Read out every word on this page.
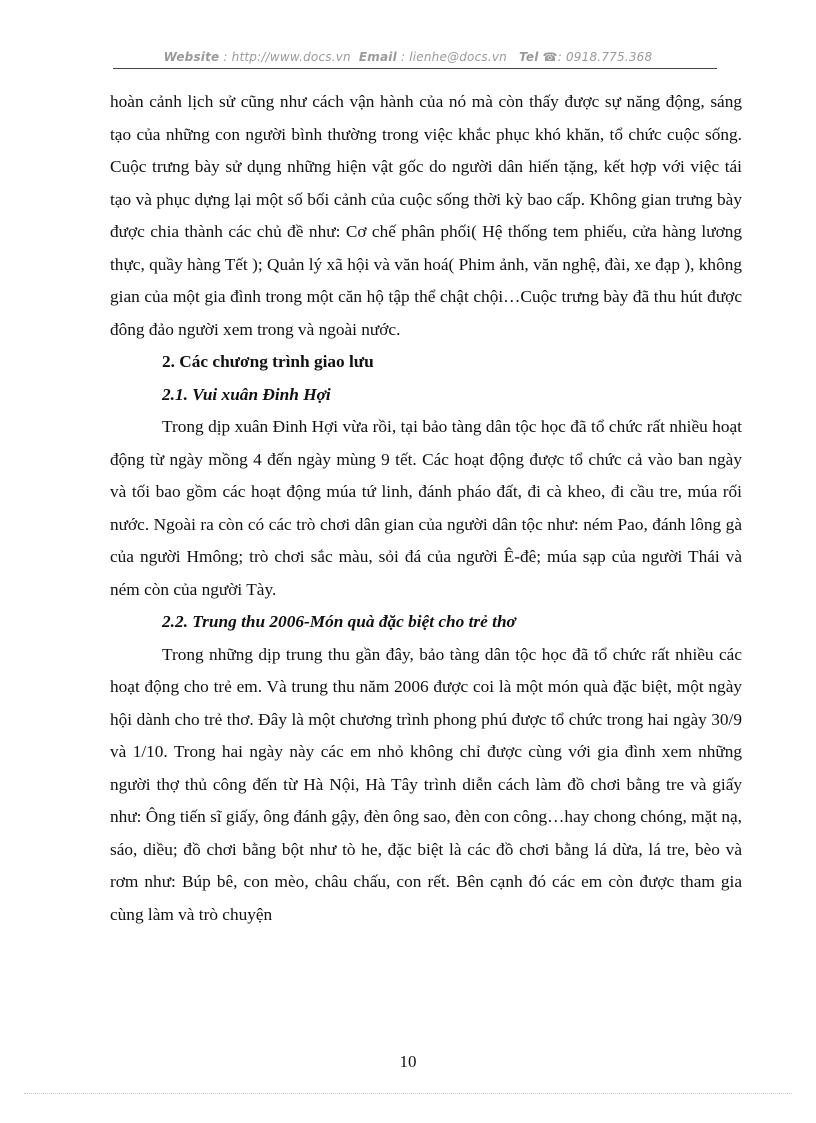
Website : http://www.docs.vn Email : lienhe@docs.vn Tel ☎: 0918.775.368

hoàn cảnh lịch sử cũng như cách vận hành của nó mà còn thấy được sự năng động, sáng tạo của những con người bình thường trong việc khắc phục khó khăn, tổ chức cuộc sống. Cuộc trưng bày sử dụng những hiện vật gốc do người dân hiến tặng, kết hợp với việc tái tạo và phục dựng lại một số bối cảnh của cuộc sống thời kỳ bao cấp. Không gian trưng bày được chia thành các chủ đề như: Cơ chế phân phối( Hệ thống tem phiếu, cửa hàng lương thực, quầy hàng Tết ); Quản lý xã hội và văn hoá( Phim ảnh, văn nghệ, đài, xe đạp ), không gian của một gia đình trong một căn hộ tập thể chật chội…Cuộc trưng bày đã thu hút được đông đảo người xem trong và ngoài nước.

2. Các chương trình giao lưu

2.1. Vui xuân Đinh Hợi

Trong dịp xuân Đinh Hợi vừa rồi, tại bảo tàng dân tộc học đã tổ chức rất nhiều hoạt động từ ngày mồng 4 đến ngày mùng 9 tết. Các hoạt động được tổ chức cả vào ban ngày và tối bao gồm các hoạt động múa tứ linh, đánh pháo đất, đi cà kheo, đi cầu tre, múa rối nước. Ngoài ra còn có các trò chơi dân gian của người dân tộc như: ném Pao, đánh lông gà của người Hmông; trò chơi sắc màu, sỏi đá của người Ê-đê; múa sạp của người Thái và ném còn của người Tày.

2.2. Trung thu 2006-Món quà đặc biệt cho trẻ thơ

Trong những dịp trung thu gần đây, bảo tàng dân tộc học đã tổ chức rất nhiều các hoạt động cho trẻ em. Và trung thu năm 2006 được coi là một món quà đặc biệt, một ngày hội dành cho trẻ thơ. Đây là một chương trình phong phú được tổ chức trong hai ngày 30/9 và 1/10. Trong hai ngày này các em nhỏ không chỉ được cùng với gia đình xem những người thợ thủ công đến từ Hà Nội, Hà Tây trình diễn cách làm đồ chơi bằng tre và giấy như: Ông tiến sĩ giấy, ông đánh gậy, đèn ông sao, đèn con công…hay chong chóng, mặt nạ, sáo, diều; đồ chơi bằng bột như tò he, đặc biệt là các đồ chơi bằng lá dừa, lá tre, bèo và rơm như: Búp bê, con mèo, châu chấu, con rết. Bên cạnh đó các em còn được tham gia cùng làm và trò chuyện

10
